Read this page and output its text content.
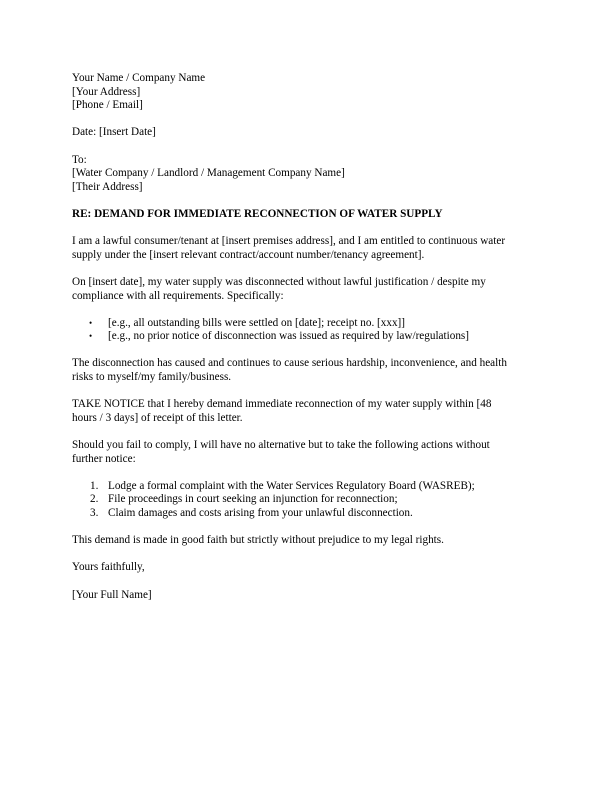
Your Name / Company Name
[Your Address]
[Phone / Email]
Date: [Insert Date]
To:
[Water Company / Landlord / Management Company Name]
[Their Address]
RE: DEMAND FOR IMMEDIATE RECONNECTION OF WATER SUPPLY

I am a lawful consumer/tenant at [insert premises address], and I am entitled to continuous water
supply under the [insert relevant contract/account number/tenancy agreement].

On [insert date], my water supply was disconnected without lawful justification / despite my
compliance with all requirements. Specifically:

• [e.g., all outstanding bills were settled on [date]; receipt no. [xxx]]
• [e.g., no prior notice of disconnection was issued as required by law/regulations]

The disconnection has caused and continues to cause serious hardship, inconvenience, and health
risks to myself/my family/business.

TAKE NOTICE that I hereby demand immediate reconnection of my water supply within [48
hours / 3 days] of receipt of this letter.

Should you fail to comply, I will have no alternative but to take the following actions without
further notice:

1. Lodge a formal complaint with the Water Services Regulatory Board (WASREB);
2. File proceedings in court seeking an injunction for reconnection;
3. Claim damages and costs arising from your unlawful disconnection.

This demand is made in good faith but strictly without prejudice to my legal rights.

Yours faithfully,

[Your Full Name]
